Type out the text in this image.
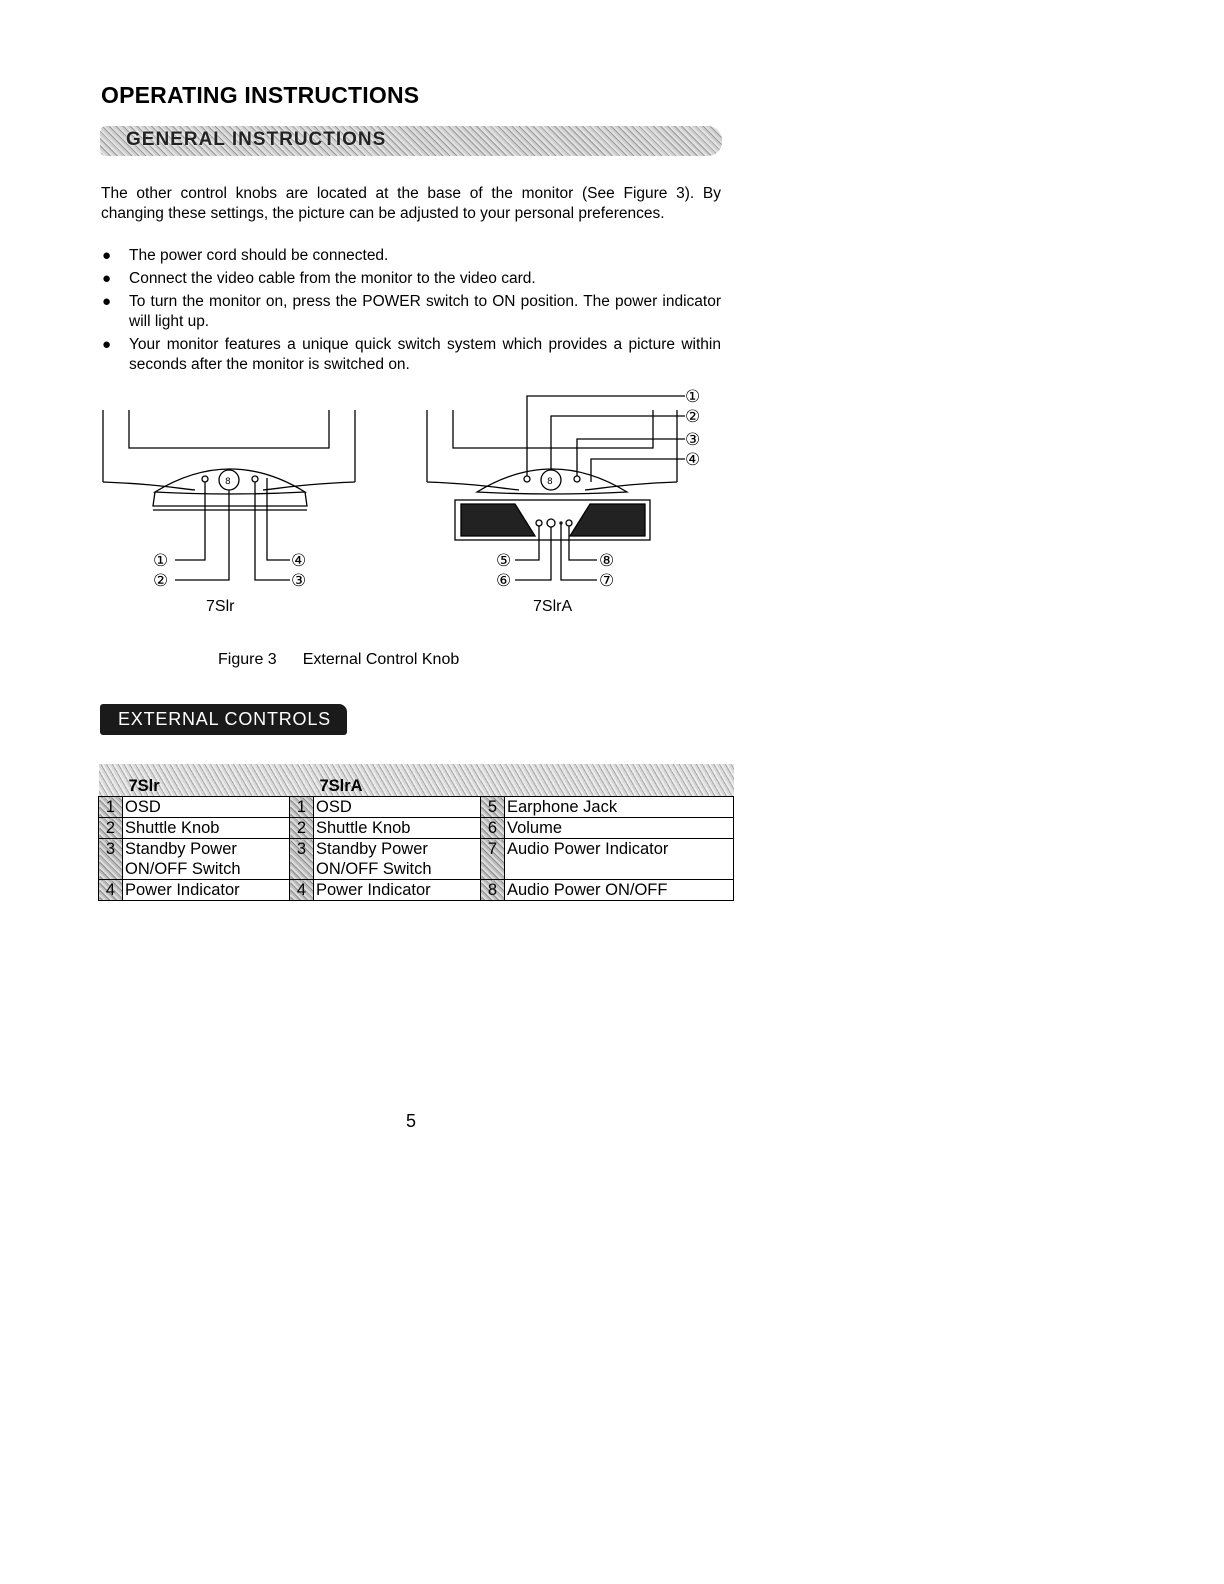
OPERATING INSTRUCTIONS
GENERAL INSTRUCTIONS
The other control knobs are located at the base of the monitor (See Figure 3). By changing these settings, the picture can be adjusted to your personal preferences.
● The power cord should be connected.
● Connect the video cable from the monitor to the video card.
● To turn the monitor on, press the POWER switch to ON position. The power indicator will light up.
● Your monitor features a unique quick switch system which provides a picture within seconds after the monitor is switched on.
8
①
②	③
④
8
①
②
③
④
⑤
⑥	⑦
⑧
7Slr	7SlrA
Figure 3 External Control Knob
EXTERNAL CONTROLS
7Slr		7SlrA			
1	OSD	1	OSD	5	Earphone Jack
2	Shuttle Knob	2	Shuttle Knob	6	Volume
3	Standby Power ON/OFF Switch	3	Standby Power ON/OFF Switch	7	Audio Power Indicator
4	Power Indicator	4	Power Indicator	8	Audio Power ON/OFF
5
